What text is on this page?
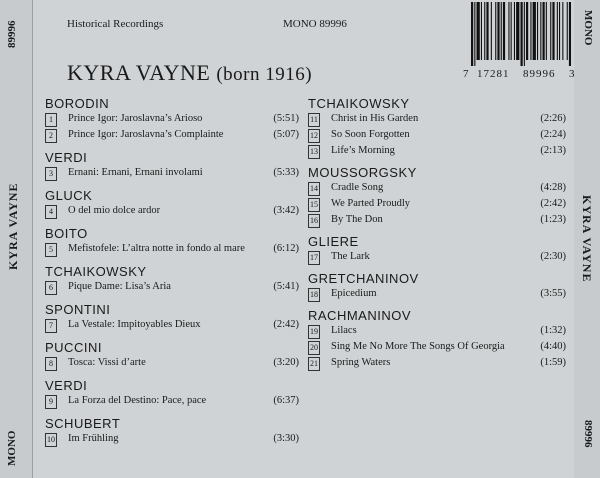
89996
KYRA VAYNE
MONO
MONO
KYRA VAYNE
89996
Historical Recordings	MONO 89996
KYRA VAYNE (born 1916)	7 17281 89996 3
BORODIN
1	Prince Igor: Jaroslavna’s Arioso	(5:51)
2	Prince Igor: Jaroslavna’s Complainte	(5:07)
VERDI
3	Ernani: Ernani, Ernani involami	(5:33)
GLUCK
4	O del mio dolce ardor	(3:42)
BOITO
5	Mefistofele: L’altra notte in fondo al mare	(6:12)
TCHAIKOWSKY
6	Pique Dame: Lisa’s Aria	(5:41)
SPONTINI
7	La Vestale: Impitoyables Dieux	(2:42)
PUCCINI
8	Tosca: Vissi d’arte	(3:20)
VERDI
9	La Forza del Destino: Pace, pace	(6:37)
SCHUBERT
10 Im Frühling	(3:30)
TCHAIKOWSKY
11 Christ in His Garden	(2:26)
12 So Soon Forgotten	(2:24)
13 Life’s Morning	(2:13)
MOUSSORGSKY
14 Cradle Song	(4:28)
15 We Parted Proudly	(2:42)
16 By The Don	(1:23)
GLIERE
17 The Lark	(2:30)
GRETCHANINOV
18 Epicedium	(3:55)
RACHMANINOV
19 Lilacs	(1:32)
20 Sing Me No More The Songs Of Georgia	(4:40)
21 Spring Waters	(1:59)
